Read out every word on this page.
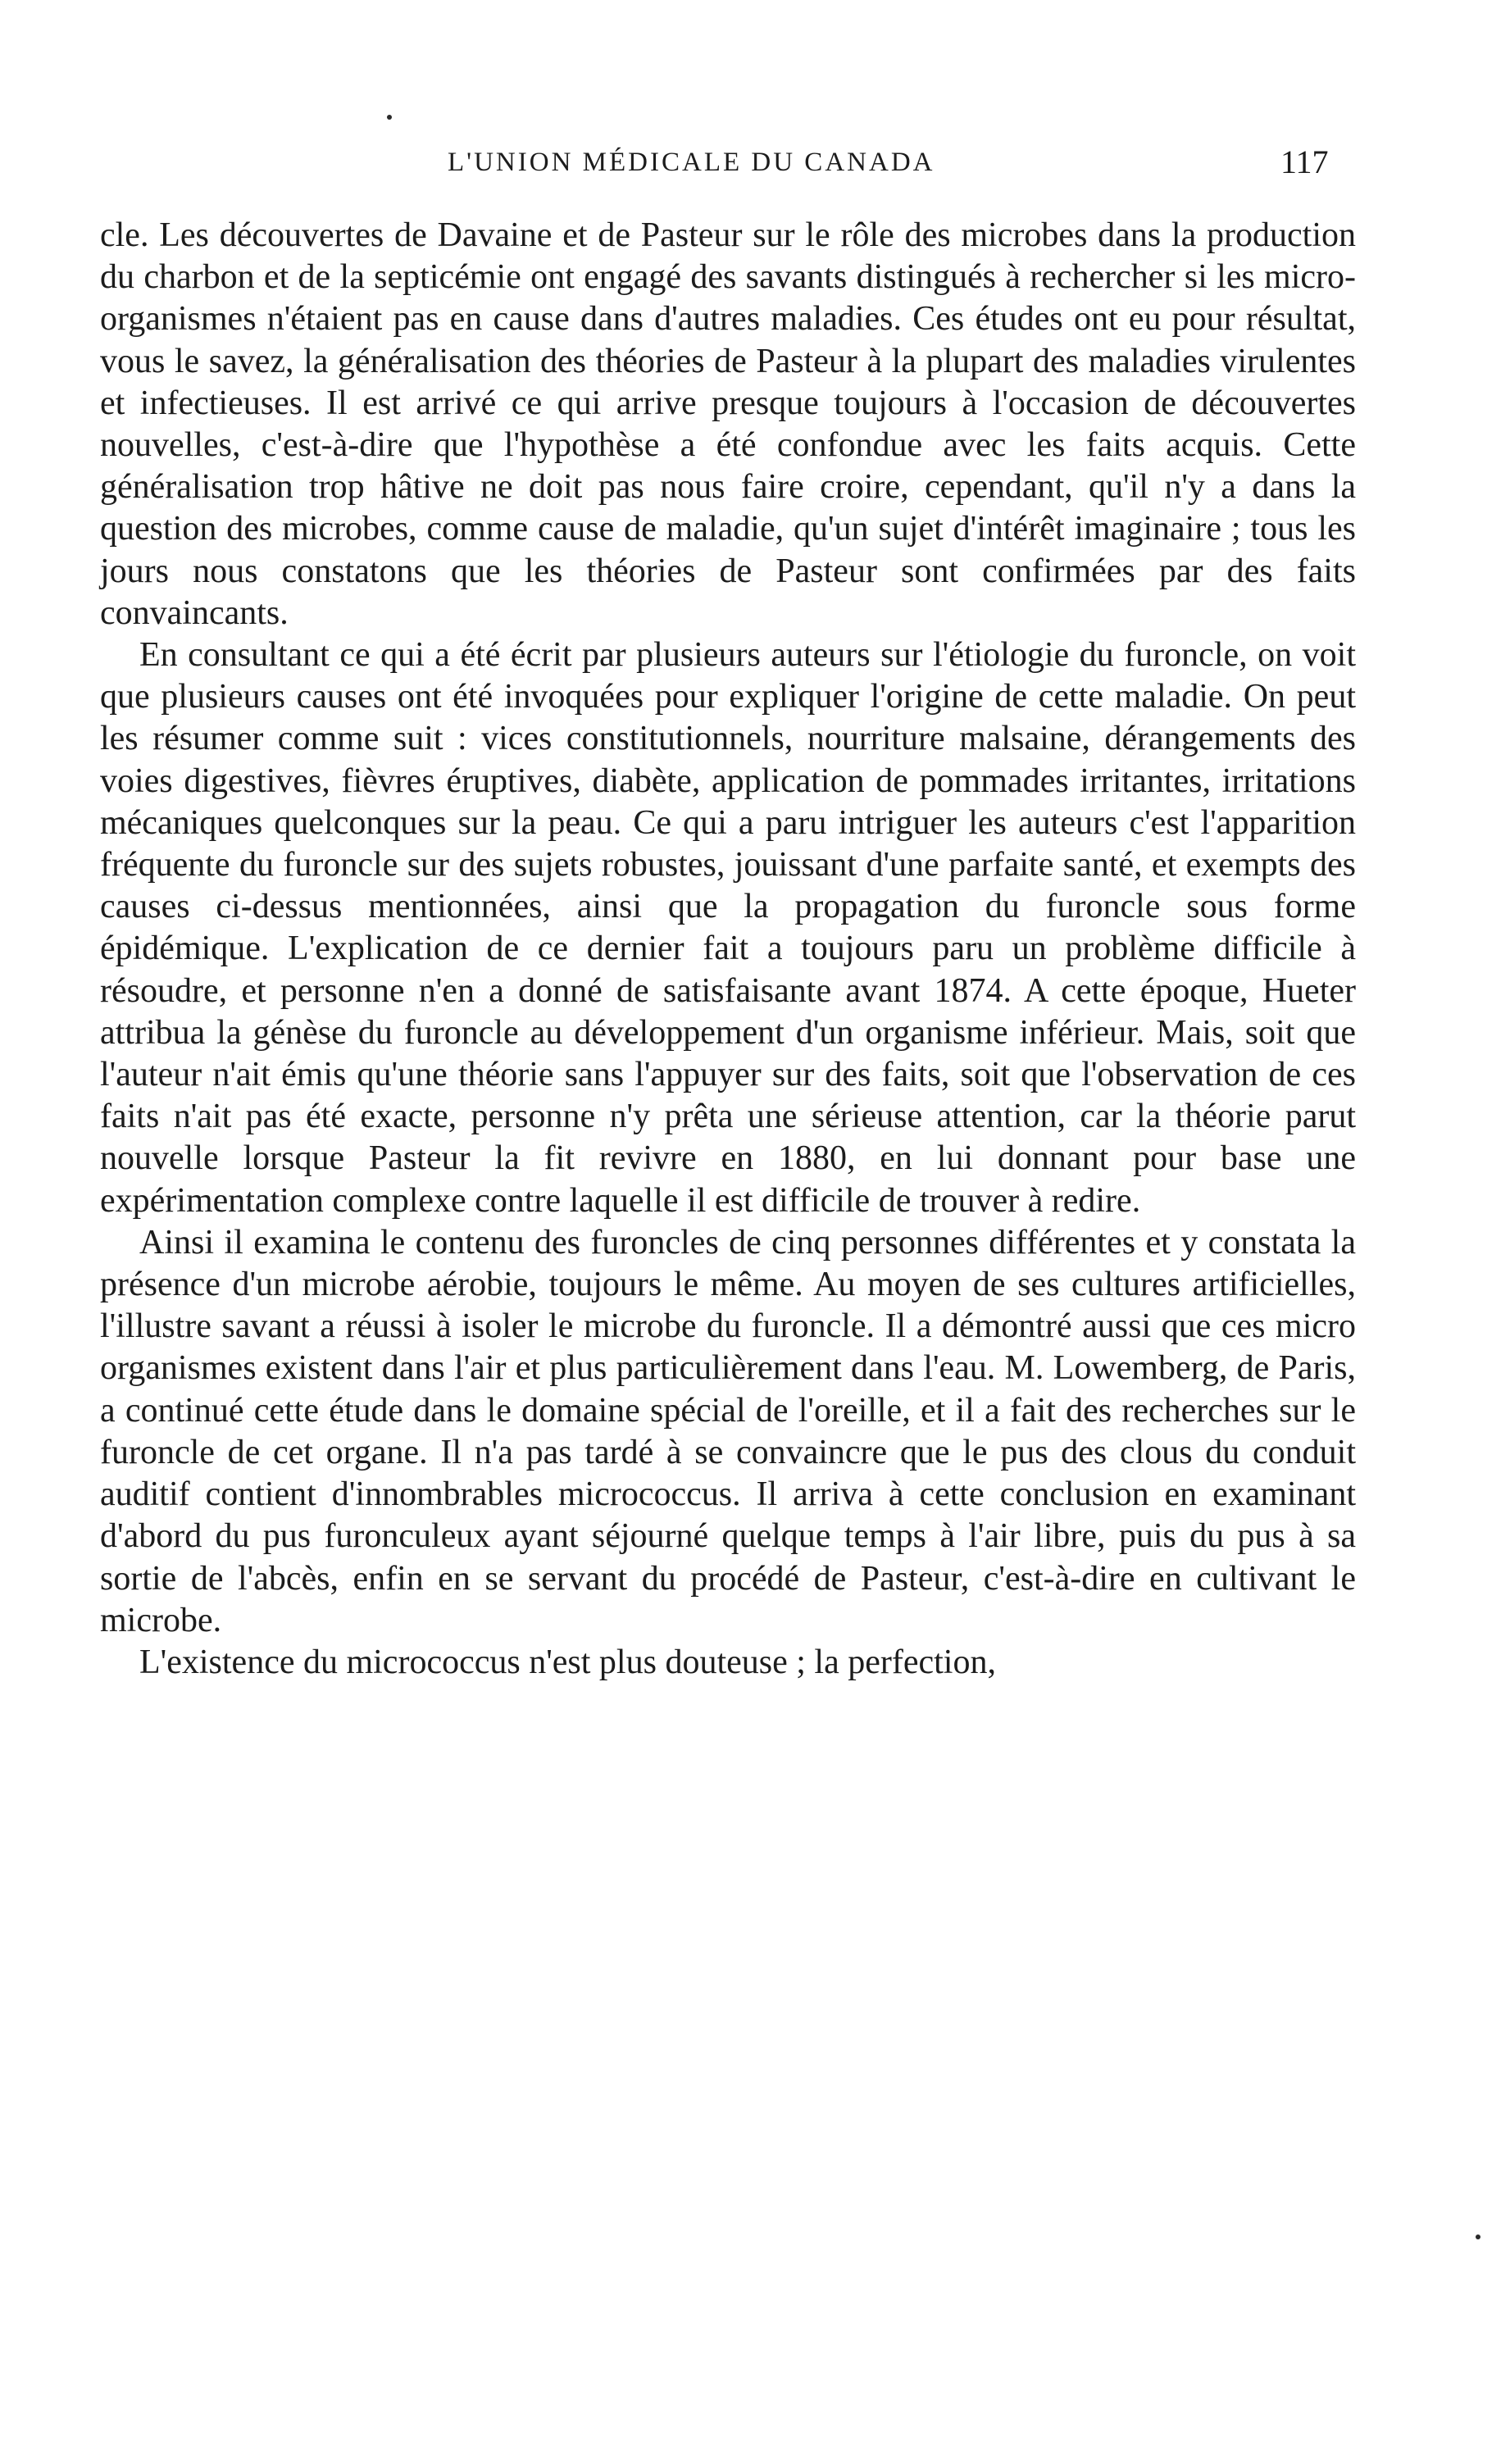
L'UNION MÉDICALE DU CANADA	117

cle. Les découvertes de Davaine et de Pasteur sur le rôle des microbes dans la production du charbon et de la septicémie ont engagé des savants distingués à rechercher si les micro-organismes n'étaient pas en cause dans d'autres maladies. Ces études ont eu pour résultat, vous le savez, la généralisation des théories de Pasteur à la plupart des maladies virulentes et infectieuses. Il est arrivé ce qui arrive presque toujours à l'occasion de découvertes nouvelles, c'est-à-dire que l'hypothèse a été confondue avec les faits acquis. Cette généralisation trop hâtive ne doit pas nous faire croire, cependant, qu'il n'y a dans la question des microbes, comme cause de maladie, qu'un sujet d'intérêt imaginaire ; tous les jours nous constatons que les théories de Pasteur sont confirmées par des faits convaincants.

En consultant ce qui a été écrit par plusieurs auteurs sur l'étiologie du furoncle, on voit que plusieurs causes ont été invoquées pour expliquer l'origine de cette maladie. On peut les résumer comme suit : vices constitutionnels, nourriture malsaine, dérangements des voies digestives, fièvres éruptives, diabète, application de pommades irritantes, irritations mécaniques quelconques sur la peau. Ce qui a paru intriguer les auteurs c'est l'apparition fréquente du furoncle sur des sujets robustes, jouissant d'une parfaite santé, et exempts des causes ci-dessus mentionnées, ainsi que la propagation du furoncle sous forme épidémique. L'explication de ce dernier fait a toujours paru un problème difficile à résoudre, et personne n'en a donné de satisfaisante avant 1874. A cette époque, Hueter attribua la génèse du furoncle au développement d'un organisme inférieur. Mais, soit que l'auteur n'ait émis qu'une théorie sans l'appuyer sur des faits, soit que l'observation de ces faits n'ait pas été exacte, personne n'y prêta une sérieuse attention, car la théorie parut nouvelle lorsque Pasteur la fit revivre en 1880, en lui donnant pour base une expérimentation complexe contre laquelle il est difficile de trouver à redire.

Ainsi il examina le contenu des furoncles de cinq personnes différentes et y constata la présence d'un microbe aérobie, toujours le même. Au moyen de ses cultures artificielles, l'illustre savant a réussi à isoler le microbe du furoncle. Il a démontré aussi que ces micro organismes existent dans l'air et plus particulièrement dans l'eau. M. Lowemberg, de Paris, a continué cette étude dans le domaine spécial de l'oreille, et il a fait des recherches sur le furoncle de cet organe. Il n'a pas tardé à se convaincre que le pus des clous du conduit auditif contient d'innombrables micrococcus. Il arriva à cette conclusion en examinant d'abord du pus furonculeux ayant séjourné quelque temps à l'air libre, puis du pus à sa sortie de l'abcès, enfin en se servant du procédé de Pasteur, c'est-à-dire en cultivant le microbe.

L'existence du micrococcus n'est plus douteuse ; la perfection,
